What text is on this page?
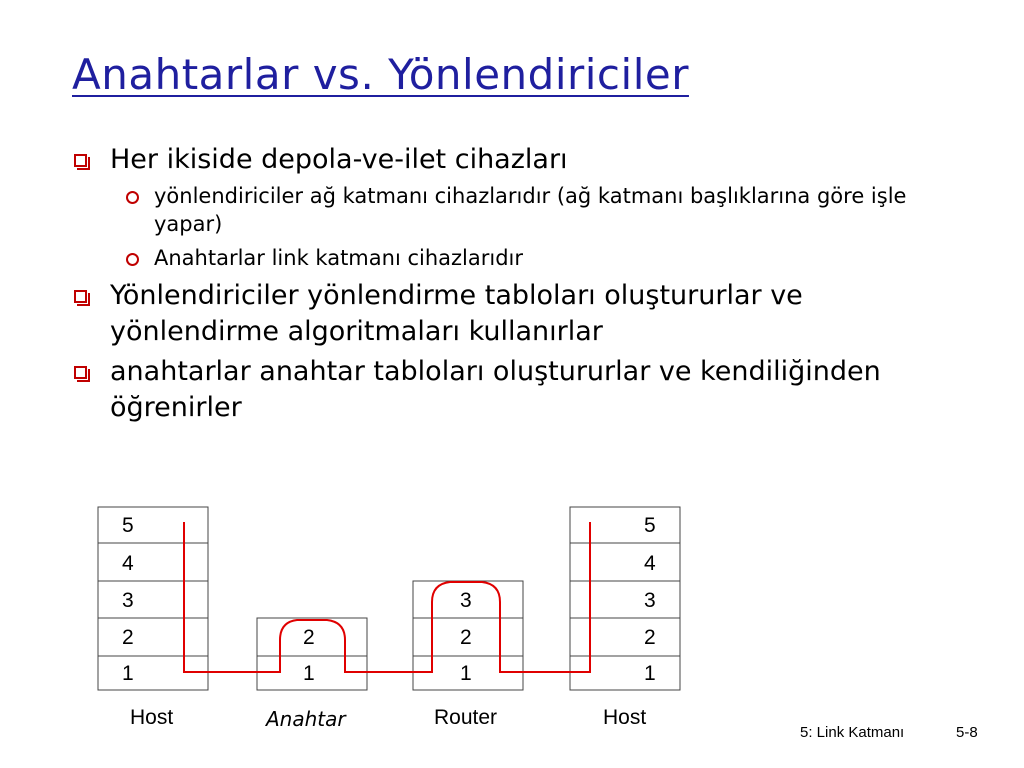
Anahtarlar vs. Yönlendiriciler
Her ikiside depola-ve-ilet cihazları
yönlendiriciler ağ katmanı cihazlarıdır (ağ katmanı başlıklarına göre işle yapar)
Anahtarlar link katmanı cihazlarıdır
Yönlendiriciler yönlendirme tabloları oluştururlar ve yönlendirme algoritmaları kullanırlar
anahtarlar anahtar tabloları oluştururlar ve kendiliğinden öğrenirler
5
4
3
2
1
Host
2
1
Anahtar
3
2
1
Router
5
4
3
2
1
Host
5: Link Katmanı	5-8
